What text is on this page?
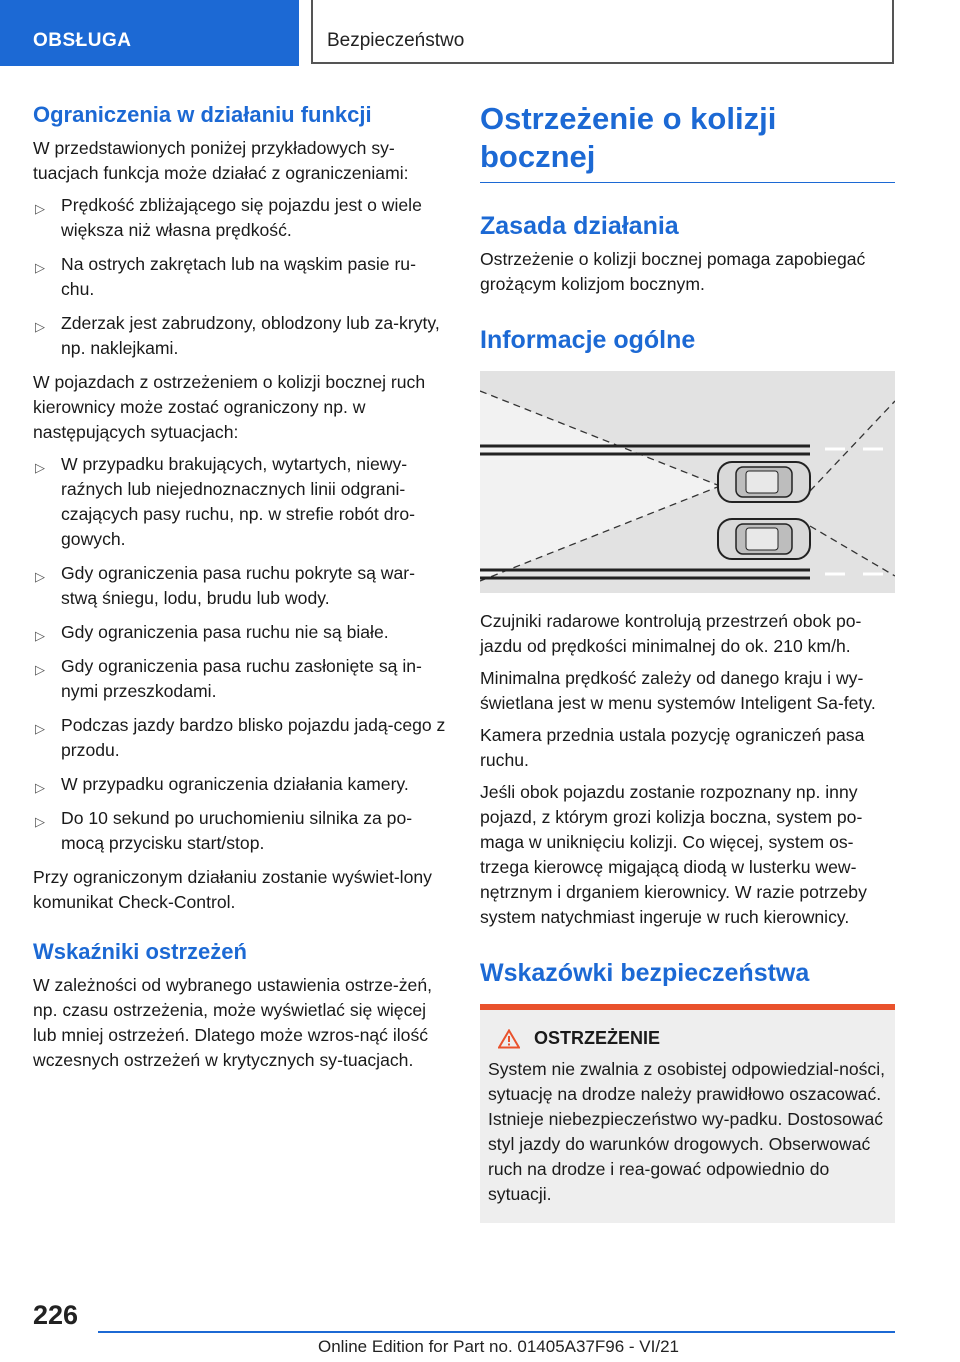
OBSŁUGA	Bezpieczeństwo
Ograniczenia w działaniu funkcji

W przedstawionych poniżej przykładowych sy-tuacjach funkcja może działać z ograniczeniami:

▷ Prędkość zbliżającego się pojazdu jest o wiele większa niż własna prędkość.
▷ Na ostrych zakrętach lub na wąskim pasie ru-chu.
▷ Zderzak jest zabrudzony, oblodzony lub za-kryty, np. naklejkami.

W pojazdach z ostrzeżeniem o kolizji bocznej ruch kierownicy może zostać ograniczony np. w następujących sytuacjach:

▷ W przypadku brakujących, wytartych, niewy-raźnych lub niejednoznacznych linii odgrani-czających pasy ruchu, np. w strefie robót dro-gowych.
▷ Gdy ograniczenia pasa ruchu pokryte są war-stwą śniegu, lodu, brudu lub wody.
▷ Gdy ograniczenia pasa ruchu nie są białe.
▷ Gdy ograniczenia pasa ruchu zasłonięte są in-nymi przeszkodami.
▷ Podczas jazdy bardzo blisko pojazdu jadą-cego z przodu.
▷ W przypadku ograniczenia działania kamery.
▷ Do 10 sekund po uruchomieniu silnika za po-mocą przycisku start/stop.

Przy ograniczonym działaniu zostanie wyświet-lony komunikat Check-Control.

Wskaźniki ostrzeżeń

W zależności od wybranego ustawienia ostrze-żeń, np. czasu ostrzeżenia, może wyświetlać się więcej lub mniej ostrzeżeń. Dlatego może wzros-nąć ilość wczesnych ostrzeżeń w krytycznych sy-tuacjach.

Ostrzeżenie o kolizji bocznej
Zasada działania

Ostrzeżenie o kolizji bocznej pomaga zapobiegać grożącym kolizjom bocznym.

Informacje ogólne

Czujniki radarowe kontrolują przestrzeń obok po-jazdu od prędkości minimalnej do ok. 210 km/h.

Minimalna prędkość zależy od danego kraju i wy-świetlana jest w menu systemów Inteligent Sa-fety.

Kamera przednia ustala pozycję ograniczeń pasa ruchu.

Jeśli obok pojazdu zostanie rozpoznany np. inny pojazd, z którym grozi kolizja boczna, system po-maga w uniknięciu kolizji. Co więcej, system os-trzega kierowcę migającą diodą w lusterku wew-nętrznym i drganiem kierownicy. W razie potrzeby system natychmiast ingeruje w ruch kierownicy.

Wskazówki bezpieczeństwa
OSTRZEŻENIE

System nie zwalnia z osobistej odpowiedzial-ności, sytuację na drodze należy prawidłowo oszacować. Istnieje niebezpieczeństwo wy-padku. Dostosować styl jazdy do warunków drogowych. Obserwować ruch na drodze i rea-gować odpowiednio do sytuacji.

226
Online Edition for Part no. 01405A37F96 - VI/21
